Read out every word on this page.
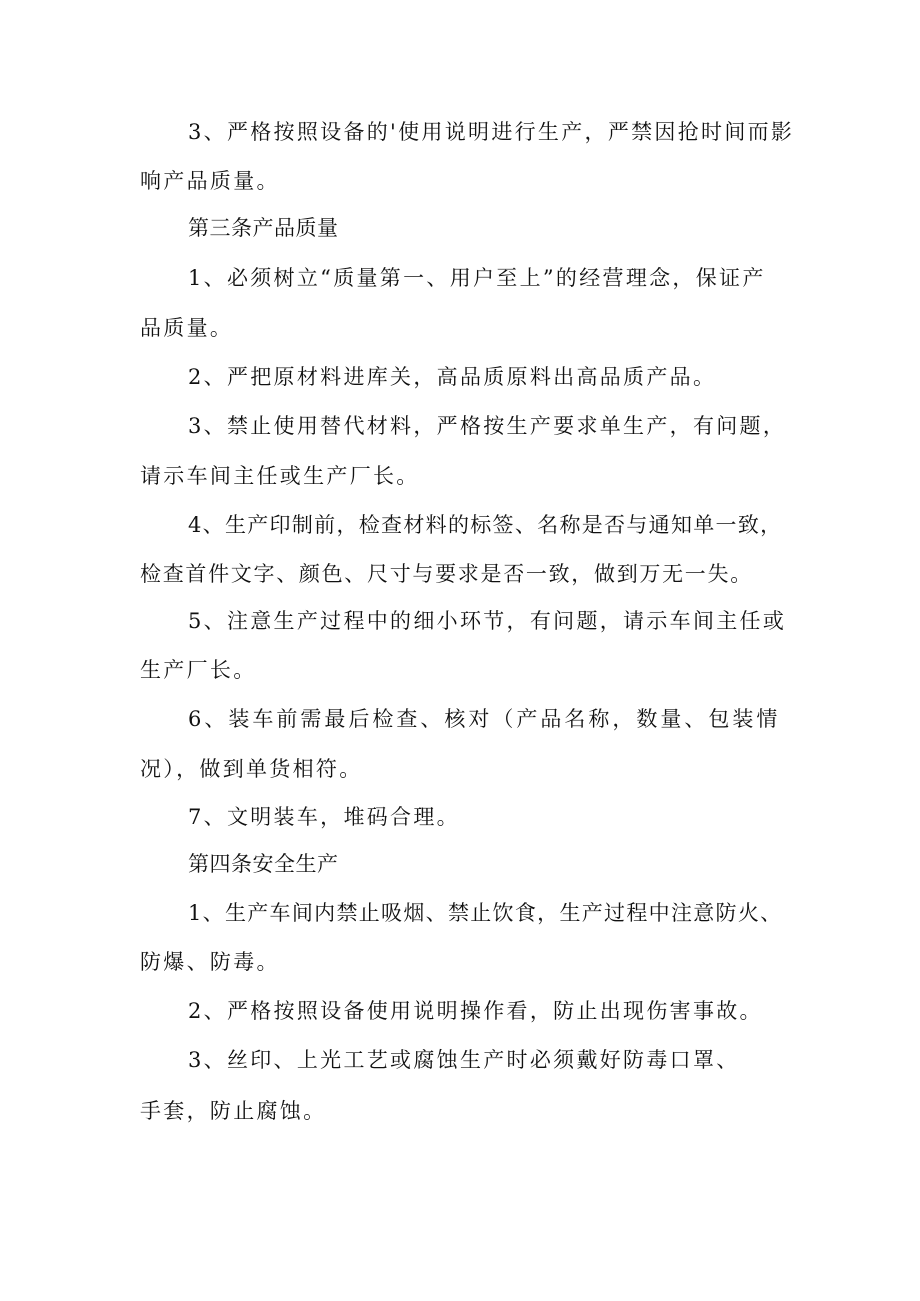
3、严格按照设备的'使用说明进行生产，严禁因抢时间而影

响产品质量。

第三条产品质量

1、必须树立“质量第一、用户至上”的经营理念，保证产

品质量。

2、严把原材料进库关，高品质原料出高品质产品。

3、禁止使用替代材料，严格按生产要求单生产，有问题，

请示车间主任或生产厂长。

4、生产印制前，检查材料的标签、名称是否与通知单一致，

检查首件文字、颜色、尺寸与要求是否一致，做到万无一失。

5、注意生产过程中的细小环节，有问题，请示车间主任或

生产厂长。

6、装车前需最后检查、核对（产品名称，数量、包装情

况），做到单货相符。

7、文明装车，堆码合理。

第四条安全生产

1、生产车间内禁止吸烟、禁止饮食，生产过程中注意防火、

防爆、防毒。

2、严格按照设备使用说明操作看，防止出现伤害事故。

3、丝印、上光工艺或腐蚀生产时必须戴好防毒口罩、

手套，防止腐蚀。
